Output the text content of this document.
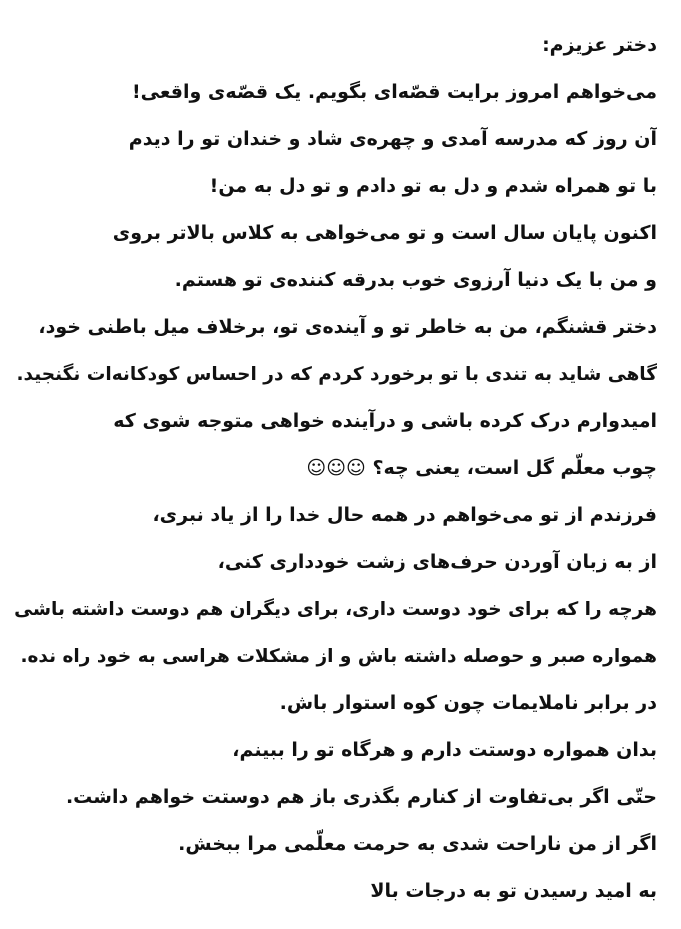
دختر عزیزم:
می‌خواهم امروز برایت قصّه‌ای بگویم. یک قصّه‌ی واقعی!
آن روز که مدرسه آمدی و چهره‌ی شاد و خندان تو را دیدم
با تو همراه شدم و دل به تو دادم و تو دل به من!
اکنون پایان سال است و تو می‌خواهی به کلاس بالاتر بروی
و من با یک دنیا آرزوی خوب بدرقه کننده‌ی تو هستم.
دختر قشنگم، من به خاطر تو و آینده‌ی تو، برخلاف میل باطنی خود،
گاهی شاید به تندی با تو برخورد کردم که در احساس کودکانه‌ات نگنجید.
امیدوارم درک کرده باشی و درآینده خواهی متوجه شوی که
چوب معلّم گل است، یعنی چه؟ ☺☺☺
فرزندم از تو می‌خواهم در همه حال خدا را از یاد نبری،
از به زبان آوردن حرف‌های زشت خودداری کنی،
هرچه را که برای خود دوست داری، برای دیگران هم دوست داشته باشی
همواره صبر و حوصله داشته باش و از مشکلات هراسی به خود راه نده.
در برابر ناملایمات چون کوه استوار باش.
بدان همواره دوستت دارم و هرگاه تو را ببینم،
حتّی اگر بی‌تفاوت از کنارم بگذری باز هم دوستت خواهم داشت.
اگر از من ناراحت شدی به حرمت معلّمی مرا ببخش.
به امید رسیدن تو به درجات بالا
